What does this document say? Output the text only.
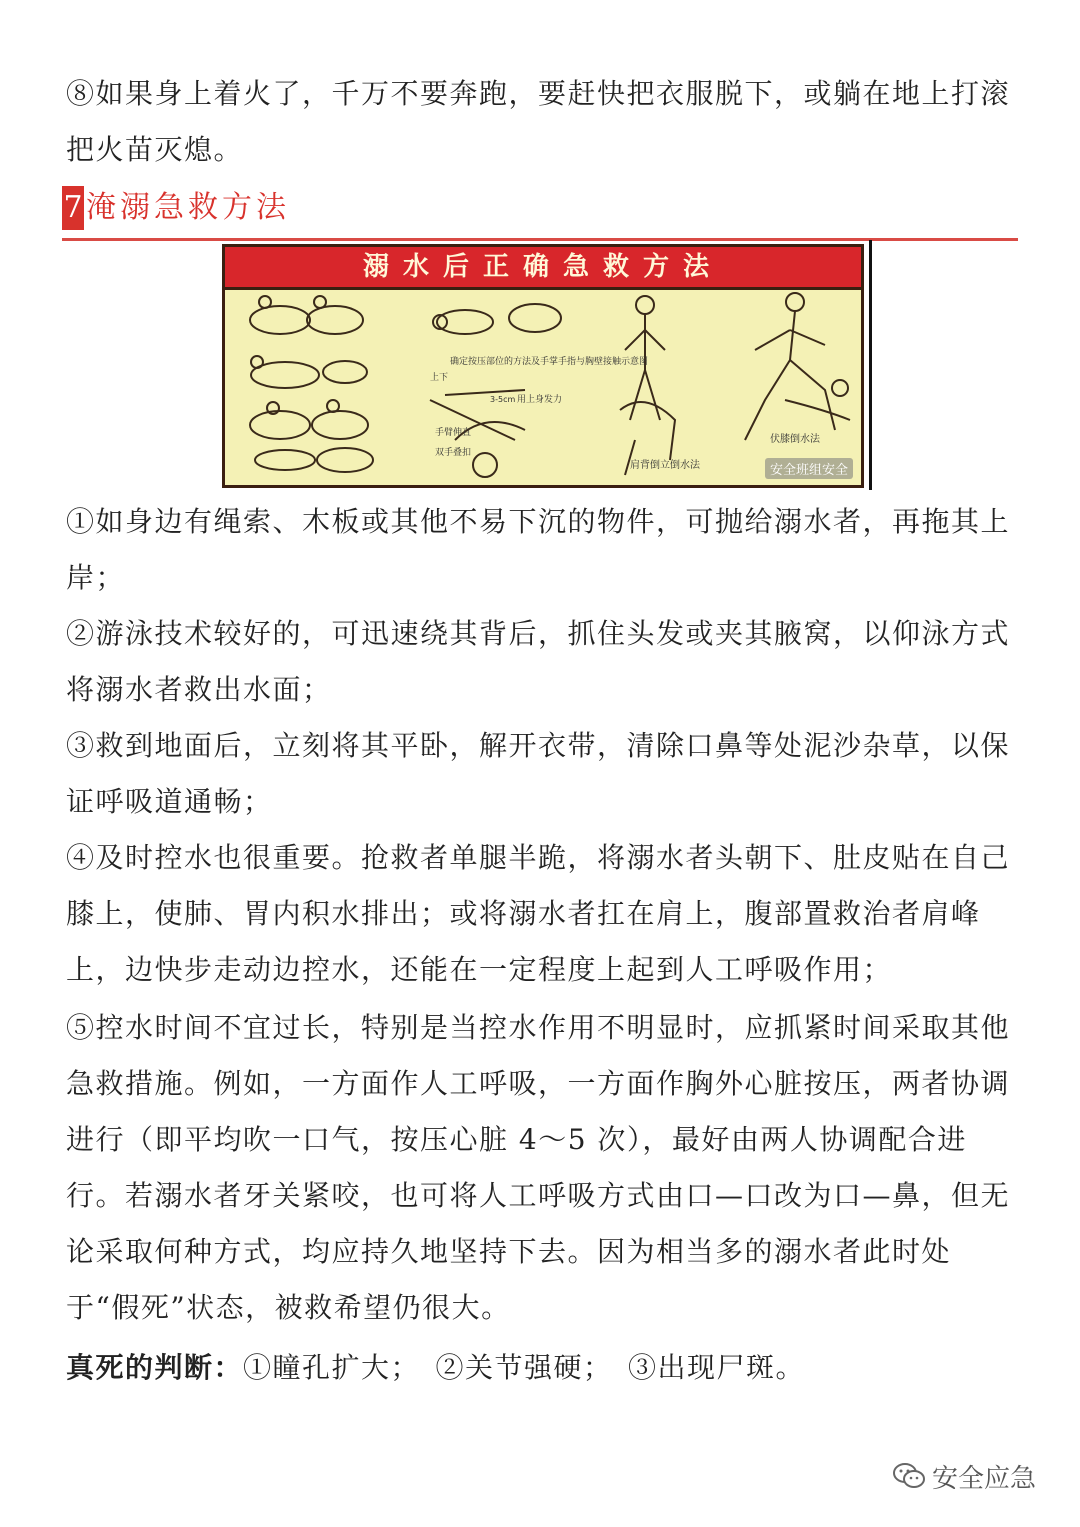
⑧如果身上着火了，千万不要奔跑，要赶快把衣服脱下，或躺在地上打滚把火苗灭熄。

7 淹溺急救方法
溺水后正确急救方法
确定按压部位的方法及手掌手指与胸壁接触示意图
用上身发力
3-5cm
手臂伸直
双手叠扣
上下
肩背倒立倒水法
伏膝倒水法
安全班组安全

①如身边有绳索、木板或其他不易下沉的物件，可抛给溺水者，再拖其上岸；

②游泳技术较好的，可迅速绕其背后，抓住头发或夹其腋窝，以仰泳方式将溺水者救出水面；

③救到地面后，立刻将其平卧，解开衣带，清除口鼻等处泥沙杂草，以保证呼吸道通畅；

④及时控水也很重要。抢救者单腿半跪，将溺水者头朝下、肚皮贴在自己膝上，使肺、胃内积水排出；或将溺水者扛在肩上，腹部置救治者肩峰上，边快步走动边控水，还能在一定程度上起到人工呼吸作用；

⑤控水时间不宜过长，特别是当控水作用不明显时，应抓紧时间采取其他急救措施。例如，一方面作人工呼吸，一方面作胸外心脏按压，两者协调进行（即平均吹一口气，按压心脏 4～5 次），最好由两人协调配合进行。若溺水者牙关紧咬，也可将人工呼吸方式由口—口改为口—鼻，但无论采取何种方式，均应持久地坚持下去。因为相当多的溺水者此时处于“假死”状态，被救希望仍很大。

真死的判断：①瞳孔扩大；　②关节强硬；　③出现尸斑。

安全应急
